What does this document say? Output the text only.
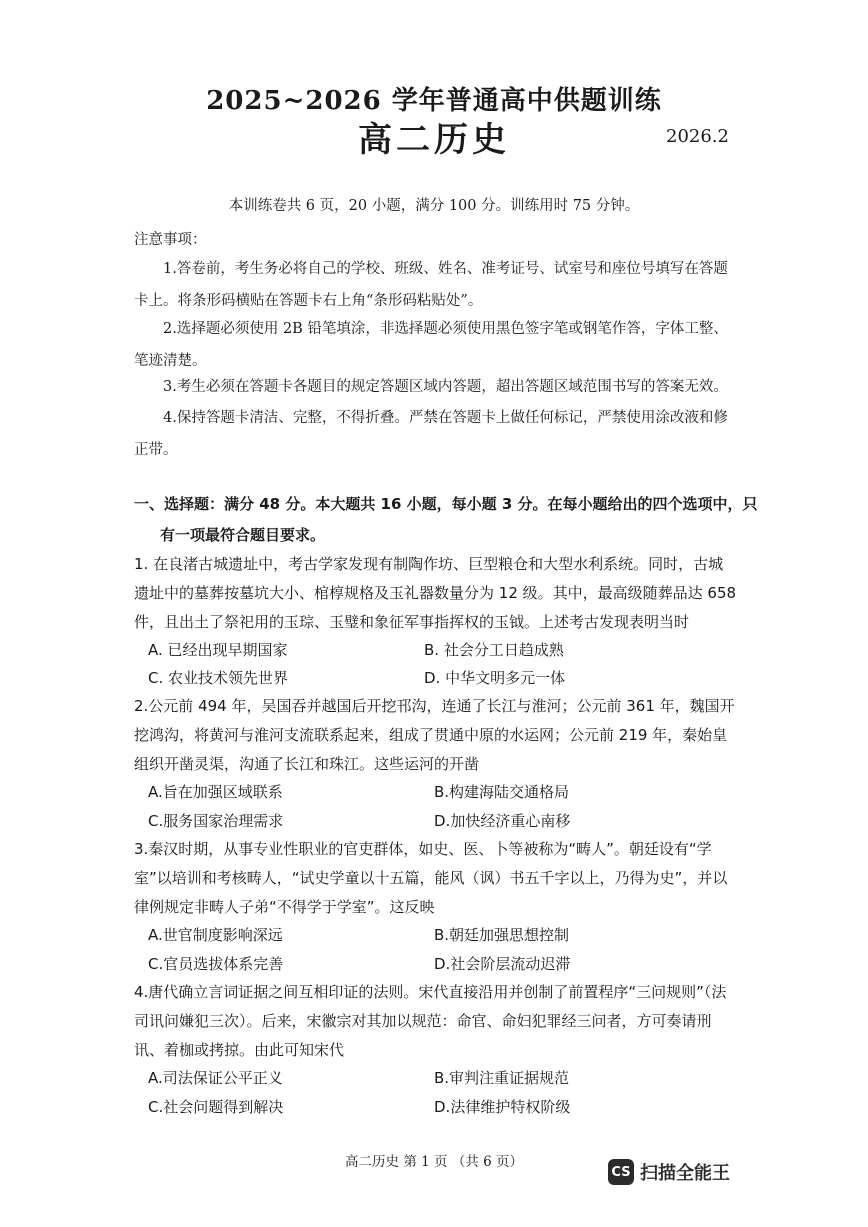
2025~2026 学年普通高中供题训练
高二历史	2026.2
本训练卷共 6 页，20 小题，满分 100 分。训练用时 75 分钟。
注意事项：
1.答卷前，考生务必将自己的学校、班级、姓名、准考证号、试室号和座位号填写在答题卡上。将条形码横贴在答题卡右上角“条形码粘贴处”。
2.选择题必须使用 2B 铅笔填涂，非选择题必须使用黑色签字笔或钢笔作答，字体工整、笔迹清楚。
3.考生必须在答题卡各题目的规定答题区域内答题，超出答题区域范围书写的答案无效。
4.保持答题卡清洁、完整，不得折叠。严禁在答题卡上做任何标记，严禁使用涂改液和修正带。
一、选择题：满分 48 分。本大题共 16 小题，每小题 3 分。在每小题给出的四个选项中，只有一项最符合题目要求。
1. 在良渚古城遗址中，考古学家发现有制陶作坊、巨型粮仓和大型水利系统。同时，古城遗址中的墓葬按墓坑大小、棺椁规格及玉礼器数量分为 12 级。其中，最高级随葬品达 658 件，且出土了祭祀用的玉琮、玉璧和象征军事指挥权的玉钺。上述考古发现表明当时
A. 已经出现早期国家	B. 社会分工日趋成熟
C. 农业技术领先世界	D. 中华文明多元一体
2.公元前 494 年，吴国吞并越国后开挖邗沟，连通了长江与淮河；公元前 361 年，魏国开挖鸿沟，将黄河与淮河支流联系起来，组成了贯通中原的水运网；公元前 219 年，秦始皇组织开凿灵渠，沟通了长江和珠江。这些运河的开凿
A.旨在加强区域联系	B.构建海陆交通格局
C.服务国家治理需求	D.加快经济重心南移
3.秦汉时期，从事专业性职业的官吏群体，如史、医、卜等被称为“畴人”。朝廷设有“学室”以培训和考核畴人，“试史学童以十五篇，能风（讽）书五千字以上，乃得为史”，并以律例规定非畴人子弟“不得学于学室”。这反映
A.世官制度影响深远	B.朝廷加强思想控制
C.官员选拔体系完善	D.社会阶层流动迟滞
4.唐代确立言词证据之间互相印证的法则。宋代直接沿用并创制了前置程序“三问规则”（法司讯问嫌犯三次）。后来，宋徽宗对其加以规范：命官、命妇犯罪经三问者，方可奏请刑讯、着枷或拷掠。由此可知宋代
A.司法保证公平正义	B.审判注重证据规范
C.社会问题得到解决	D.法律维护特权阶级
高二历史 第 1 页 （共 6 页）
CS 扫描全能王
